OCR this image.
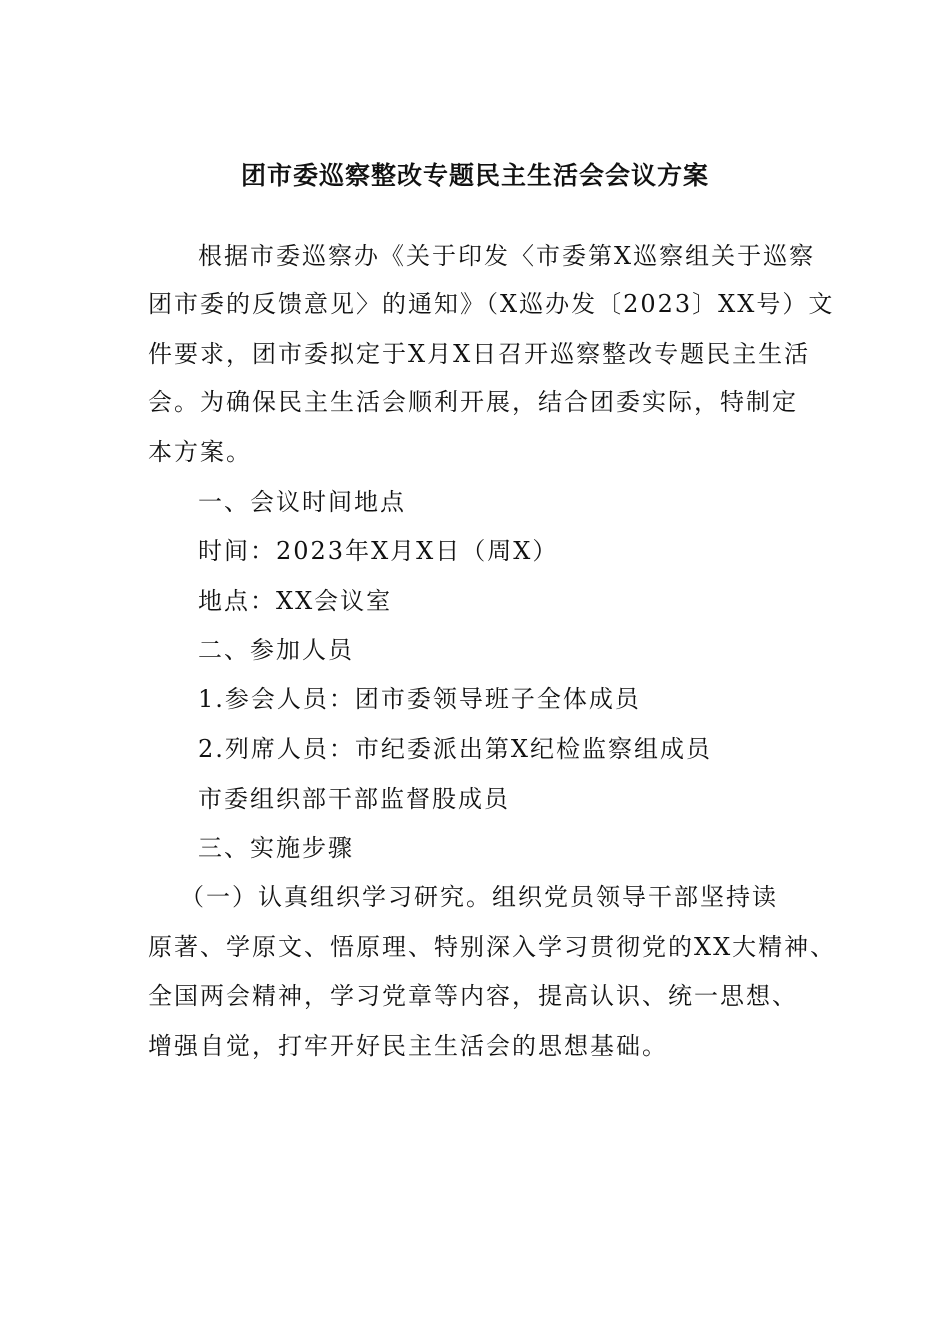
团市委巡察整改专题民主生活会会议方案
根据市委巡察办《关于印发〈市委第X巡察组关于巡察
团市委的反馈意见〉的通知》（X巡办发〔2023〕XX号）文
件要求，团市委拟定于X月X日召开巡察整改专题民主生活
会。为确保民主生活会顺利开展，结合团委实际，特制定
本方案。
一、会议时间地点
时间：2023年X月X日（周X）
地点：XX会议室
二、参加人员
1.参会人员：团市委领导班子全体成员
2.列席人员：市纪委派出第X纪检监察组成员
市委组织部干部监督股成员
三、实施步骤
（一）认真组织学习研究。组织党员领导干部坚持读
原著、学原文、悟原理、特别深入学习贯彻党的XX大精神、
全国两会精神，学习党章等内容，提高认识、统一思想、
增强自觉，打牢开好民主生活会的思想基础。
